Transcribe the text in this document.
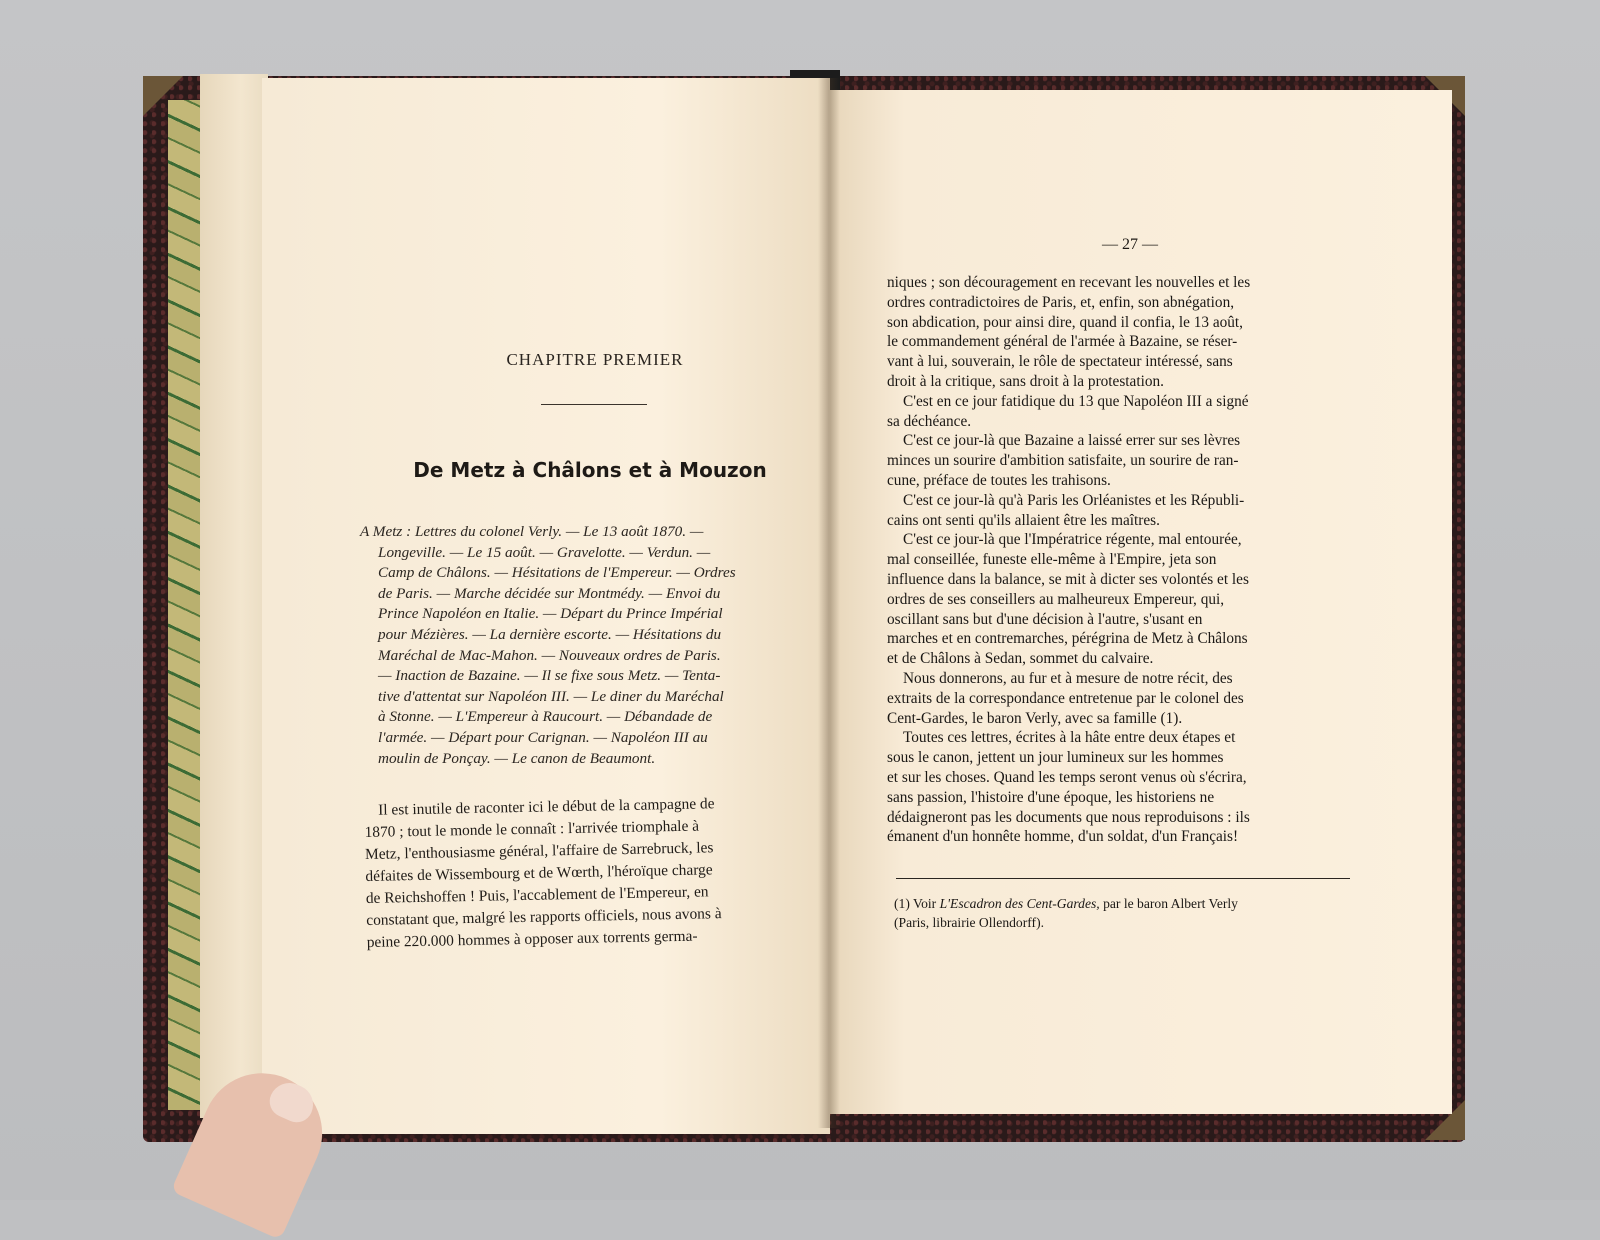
CHAPITRE PREMIER
De Metz à Châlons et à Mouzon
A Metz : Lettres du colonel Verly. — Le 13 août 1870. —
Longeville. — Le 15 août. — Gravelotte. — Verdun. —
Camp de Châlons. — Hésitations de l'Empereur. — Ordres
de Paris. — Marche décidée sur Montmédy. — Envoi du
Prince Napoléon en Italie. — Départ du Prince Impérial
pour Mézières. — La dernière escorte. — Hésitations du
Maréchal de Mac-Mahon. — Nouveaux ordres de Paris.
— Inaction de Bazaine. — Il se fixe sous Metz. — Tenta-
tive d'attentat sur Napoléon III. — Le diner du Maréchal
à Stonne. — L'Empereur à Raucourt. — Débandade de
l'armée. — Départ pour Carignan. — Napoléon III au
moulin de Ponçay. — Le canon de Beaumont.
Il est inutile de raconter ici le début de la campagne de
1870 ; tout le monde le connaît : l'arrivée triomphale à
Metz, l'enthousiasme général, l'affaire de Sarrebruck, les
défaites de Wissembourg et de Wœrth, l'héroïque charge
de Reichshoffen ! Puis, l'accablement de l'Empereur, en
constatant que, malgré les rapports officiels, nous avons à
peine 220.000 hommes à opposer aux torrents germa-
— 27 —
niques ; son découragement en recevant les nouvelles et les
ordres contradictoires de Paris, et, enfin, son abnégation,
son abdication, pour ainsi dire, quand il confia, le 13 août,
le commandement général de l'armée à Bazaine, se réser-
vant à lui, souverain, le rôle de spectateur intéressé, sans
droit à la critique, sans droit à la protestation.
C'est en ce jour fatidique du 13 que Napoléon III a signé
sa déchéance.
C'est ce jour-là que Bazaine a laissé errer sur ses lèvres
minces un sourire d'ambition satisfaite, un sourire de ran-
cune, préface de toutes les trahisons.
C'est ce jour-là qu'à Paris les Orléanistes et les Républi-
cains ont senti qu'ils allaient être les maîtres.
C'est ce jour-là que l'Impératrice régente, mal entourée,
mal conseillée, funeste elle-même à l'Empire, jeta son
influence dans la balance, se mit à dicter ses volontés et les
ordres de ses conseillers au malheureux Empereur, qui,
oscillant sans but d'une décision à l'autre, s'usant en
marches et en contremarches, pérégrina de Metz à Châlons
et de Châlons à Sedan, sommet du calvaire.
Nous donnerons, au fur et à mesure de notre récit, des
extraits de la correspondance entretenue par le colonel des
Cent-Gardes, le baron Verly, avec sa famille (1).
Toutes ces lettres, écrites à la hâte entre deux étapes et
sous le canon, jettent un jour lumineux sur les hommes
et sur les choses. Quand les temps seront venus où s'écrira,
sans passion, l'histoire d'une époque, les historiens ne
dédaigneront pas les documents que nous reproduisons : ils
émanent d'un honnête homme, d'un soldat, d'un Français!
(1) Voir L'Escadron des Cent-Gardes, par le baron Albert Verly
(Paris, librairie Ollendorff).
